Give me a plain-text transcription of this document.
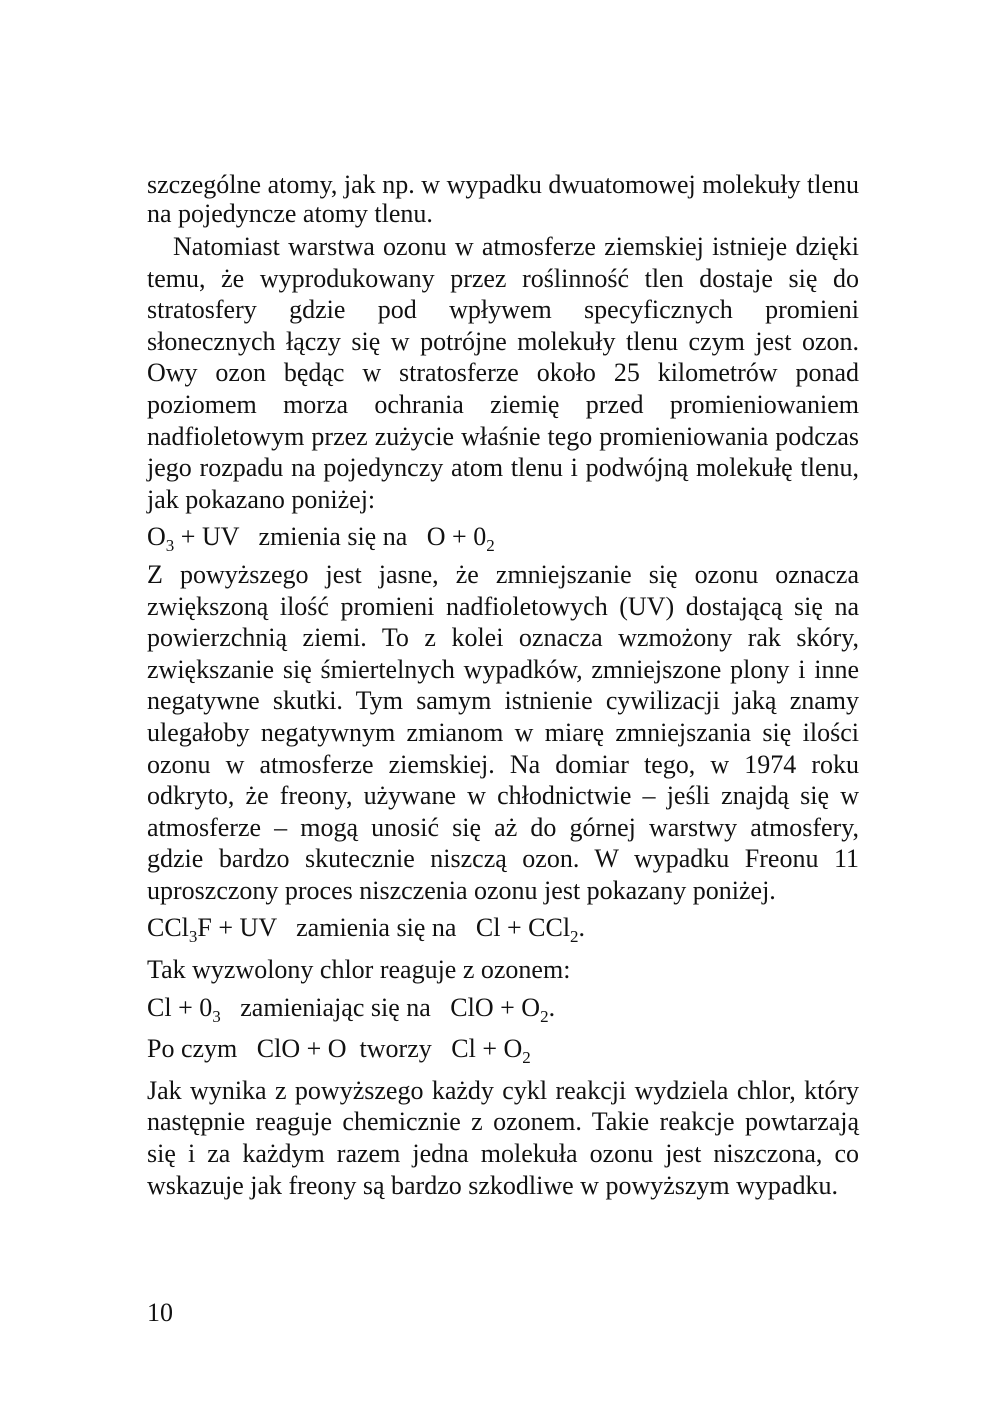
szczególne atomy, jak np. w wypadku dwuatomowej molekuły tlenu na pojedyncze atomy tlenu.

Natomiast warstwa ozonu w atmosferze ziemskiej istnieje dzięki temu, że wyprodukowany przez roślinność tlen dostaje się do stratosfery gdzie pod wpływem specyficznych promieni słonecznych łączy się w potrójne molekuły tlenu czym jest ozon. Owy ozon będąc w stratosferze około 25 kilometrów ponad poziomem morza ochrania ziemię przed promieniowaniem nadfioletowym przez zużycie właśnie tego promieniowania podczas jego rozpadu na pojedynczy atom tlenu i podwójną molekułę tlenu, jak pokazano poniżej:

$O_3$ + UV zmienia się na $O + 0_2$

Z powyższego jest jasne, że zmniejszanie się ozonu oznacza zwiększoną ilość promieni nadfioletowych (UV) dostającą się na powierzchnią ziemi. To z kolei oznacza wzmożony rak skóry, zwiększanie się śmiertelnych wypadków, zmniejszone plony i inne negatywne skutki. Tym samym istnienie cywilizacji jaką znamy ulegałoby negatywnym zmianom w miarę zmniejszania się ilości ozonu w atmosferze ziemskiej. Na domiar tego, w 1974 roku odkryto, że freony, używane w chłodnictwie – jeśli znajdą się w atmosferze – mogą unosić się aż do górnej warstwy atmosfery, gdzie bardzo skutecznie niszczą ozon. W wypadku Freonu 11 uproszczony proces niszczenia ozonu jest pokazany poniżej.

CCl$_3$F + UV zamienia się na Cl + CCl$_2$.

Tak wyzwolony chlor reaguje z ozonem:

$Cl + 0_3$ zamieniając się na ClO + $O_2$.
Po czym ClO + O tworzy $Cl + O_2$

Jak wynika z powyższego każdy cykl reakcji wydziela chlor, który następnie reaguje chemicznie z ozonem. Takie reakcje powtarzają się i za każdym razem jedna molekuła ozonu jest niszczona, co wskazuje jak freony są bardzo szkodliwe w powyższym wypadku.

10
